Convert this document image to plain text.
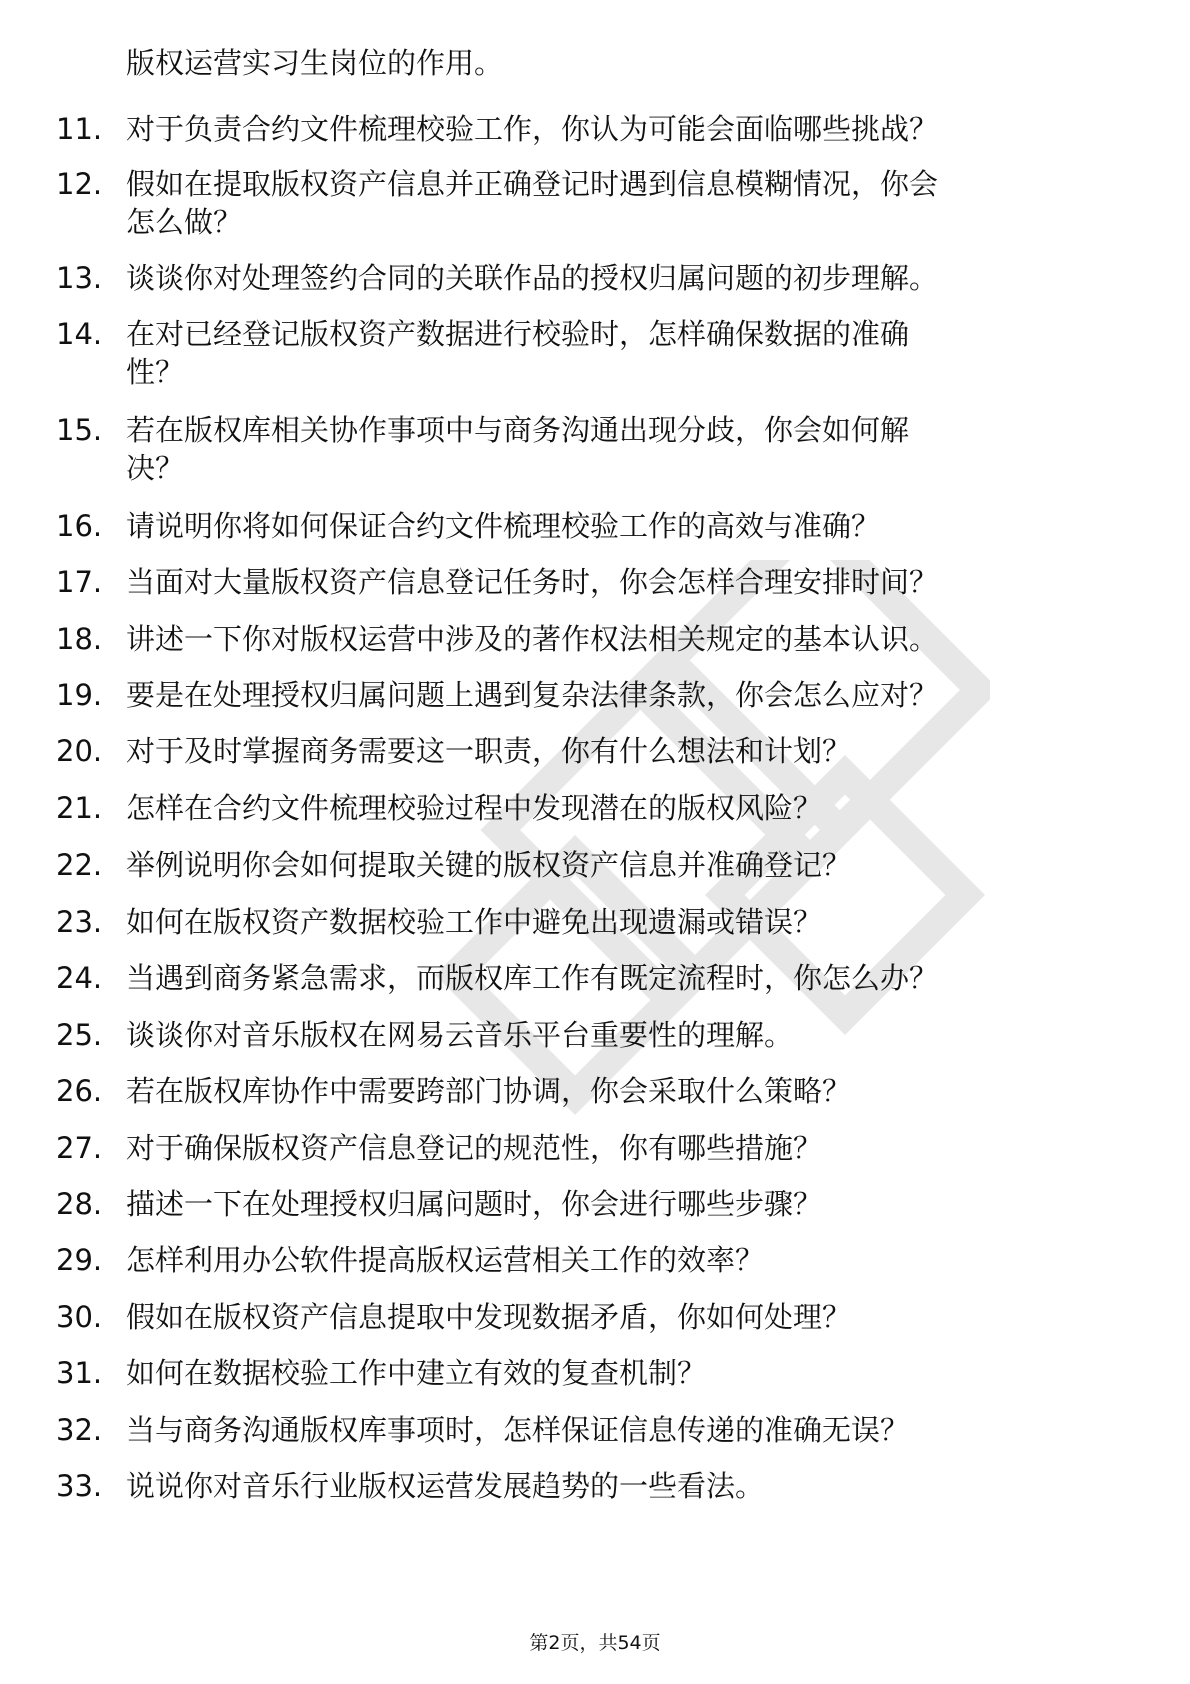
版权运营实习生岗位的作用。
11. 对于负责合约文件梳理校验工作，你认为可能会面临哪些挑战？
12. 假如在提取版权资产信息并正确登记时遇到信息模糊情况，你会
怎么做？
13. 谈谈你对处理签约合同的关联作品的授权归属问题的初步理解。
14. 在对已经登记版权资产数据进行校验时，怎样确保数据的准确
性？
15. 若在版权库相关协作事项中与商务沟通出现分歧，你会如何解
决？
16. 请说明你将如何保证合约文件梳理校验工作的高效与准确？
17. 当面对大量版权资产信息登记任务时，你会怎样合理安排时间？
18. 讲述一下你对版权运营中涉及的著作权法相关规定的基本认识。
19. 要是在处理授权归属问题上遇到复杂法律条款，你会怎么应对？
20. 对于及时掌握商务需要这一职责，你有什么想法和计划？
21. 怎样在合约文件梳理校验过程中发现潜在的版权风险？
22. 举例说明你会如何提取关键的版权资产信息并准确登记？
23. 如何在版权资产数据校验工作中避免出现遗漏或错误？
24. 当遇到商务紧急需求，而版权库工作有既定流程时，你怎么办？
25. 谈谈你对音乐版权在网易云音乐平台重要性的理解。
26. 若在版权库协作中需要跨部门协调，你会采取什么策略？
27. 对于确保版权资产信息登记的规范性，你有哪些措施？
28. 描述一下在处理授权归属问题时，你会进行哪些步骤？
29. 怎样利用办公软件提高版权运营相关工作的效率？
30. 假如在版权资产信息提取中发现数据矛盾，你如何处理？
31. 如何在数据校验工作中建立有效的复查机制？
32. 当与商务沟通版权库事项时，怎样保证信息传递的准确无误？
33. 说说你对音乐行业版权运营发展趋势的一些看法。
第2页，共54页
